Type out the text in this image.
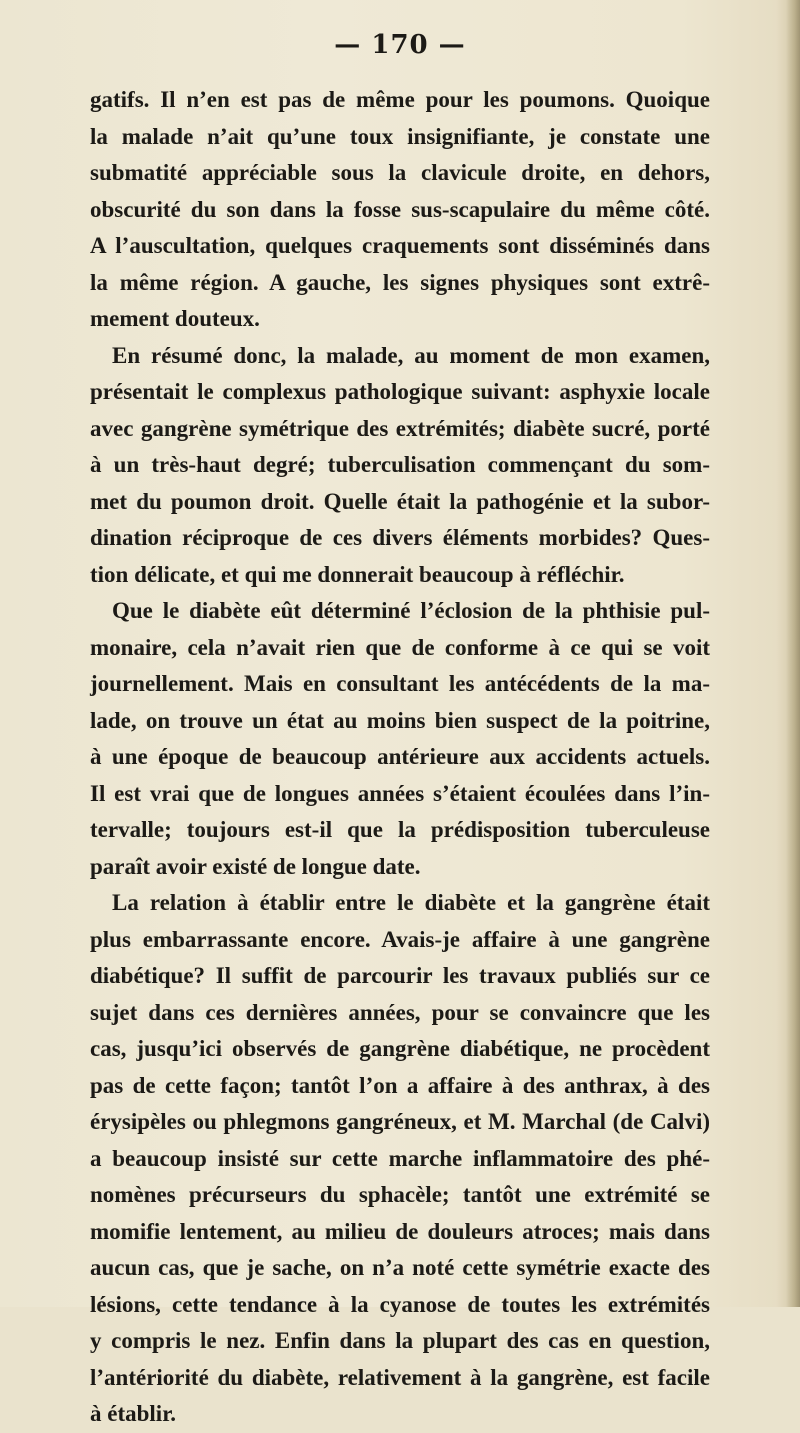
— 170 —
gatifs. Il n’en est pas de même pour les poumons. Quoique
la malade n’ait qu’une toux insignifiante, je constate une
submatité appréciable sous la clavicule droite, en dehors,
obscurité du son dans la fosse sus-scapulaire du même côté.
A l’auscultation, quelques craquements sont disséminés dans
la même région. A gauche, les signes physiques sont extrê-
mement douteux.
En résumé donc, la malade, au moment de mon examen,
présentait le complexus pathologique suivant: asphyxie locale
avec gangrène symétrique des extrémités; diabète sucré, porté
à un très-haut degré; tuberculisation commençant du som-
met du poumon droit. Quelle était la pathogénie et la subor-
dination réciproque de ces divers éléments morbides? Ques-
tion délicate, et qui me donnerait beaucoup à réfléchir.
Que le diabète eût déterminé l’éclosion de la phthisie pul-
monaire, cela n’avait rien que de conforme à ce qui se voit
journellement. Mais en consultant les antécédents de la ma-
lade, on trouve un état au moins bien suspect de la poitrine,
à une époque de beaucoup antérieure aux accidents actuels.
Il est vrai que de longues années s’étaient écoulées dans l’in-
tervalle; toujours est-il que la prédisposition tuberculeuse
paraît avoir existé de longue date.
La relation à établir entre le diabète et la gangrène était
plus embarrassante encore. Avais-je affaire à une gangrène
diabétique? Il suffit de parcourir les travaux publiés sur ce
sujet dans ces dernières années, pour se convaincre que les
cas, jusqu’ici observés de gangrène diabétique, ne procèdent
pas de cette façon; tantôt l’on a affaire à des anthrax, à des
érysipèles ou phlegmons gangréneux, et M. Marchal (de Calvi)
a beaucoup insisté sur cette marche inflammatoire des phé-
nomènes précurseurs du sphacèle; tantôt une extrémité se
momifie lentement, au milieu de douleurs atroces; mais dans
aucun cas, que je sache, on n’a noté cette symétrie exacte des
lésions, cette tendance à la cyanose de toutes les extrémités
y compris le nez. Enfin dans la plupart des cas en question,
l’antériorité du diabète, relativement à la gangrène, est facile
à établir.
